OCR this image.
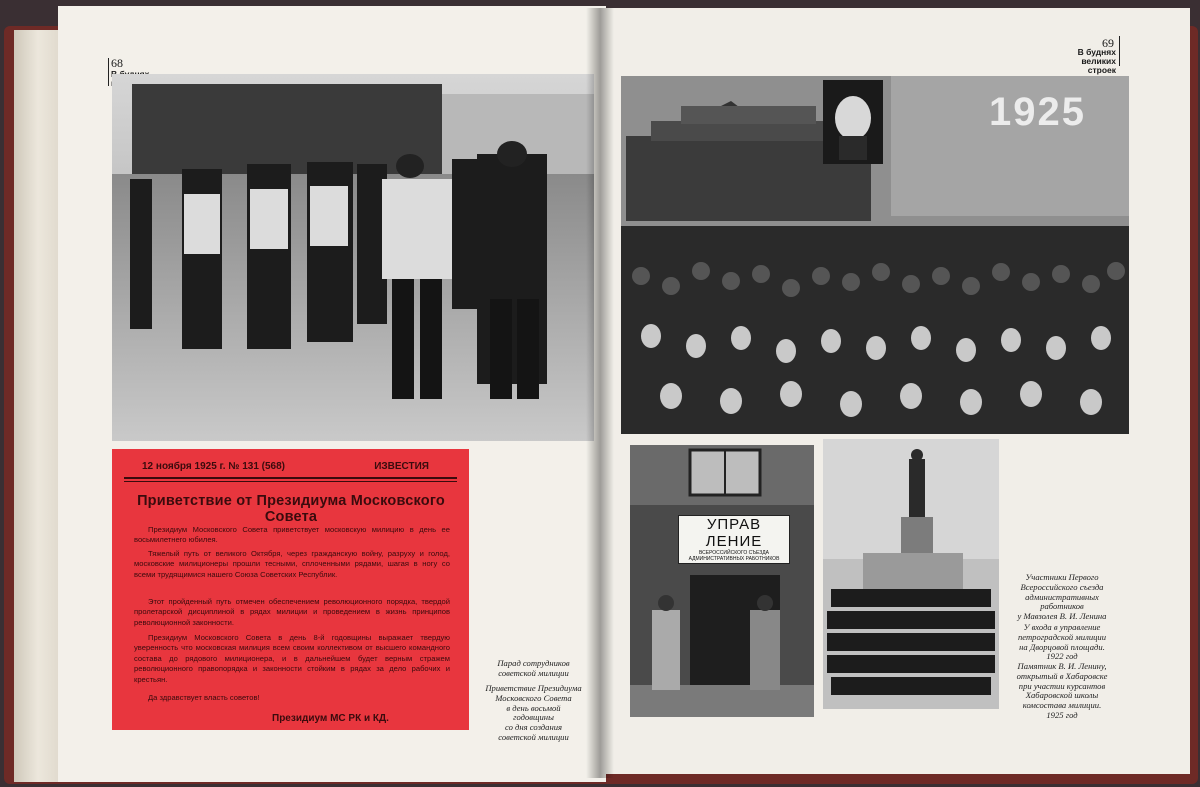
68
12 ноября 1925 г. № 131 (568)	ИЗВЕСТИЯ
Приветствие от Президиума Московского Совета
Президиум Московского Совета приветствует московскую милицию в день ее восьмилетнего юбилея.
Тяжелый путь от великого Октября, через гражданскую войну, разруху и голод, московские милиционеры прошли тесными, сплоченными рядами, шагая в ногу со всеми трудящимися нашего Союза Советских Республик.
Этот пройденный путь отмечен обеспечением революционного порядка, твердой пролетарской дисциплиной в рядах милиции и проведением в жизнь принципов революционной законности.
Президиум Московского Совета в день 8-й годовщины выражает твердую уверенность что московская милиция всем своим коллективом от высшего командного состава до рядового милиционера, и в дальнейшем будет верным стражем революционного правопорядка и законности стойким в рядах за дело рабочих и крестьян.
Да здравствует власть советов!
Президиум МС РК и КД.
Парад сотрудников
советской милиции
Приветствие Президиума
Московского Совета
в день восьмой
годовщины
со дня создания
советской милиции
69
В буднях
великих строек
1925
УПРАВ ЛЕНИЕ
ВСЕРОССИЙСКОГО СЪЕЗДА
АДМИНИСТРАТИВНЫХ РАБОТНИКОВ
Участники Первого
Всероссийского съезда
административных
работников
у Мавзолея В. И. Ленина
У входа в управление
петроградской милиции
на Дворцовой площади.
1922 год
Памятник В. И. Ленину,
открытый в Хабаровске
при участии курсантов
Хабаровской школы
комсостава милиции.
1925 год
